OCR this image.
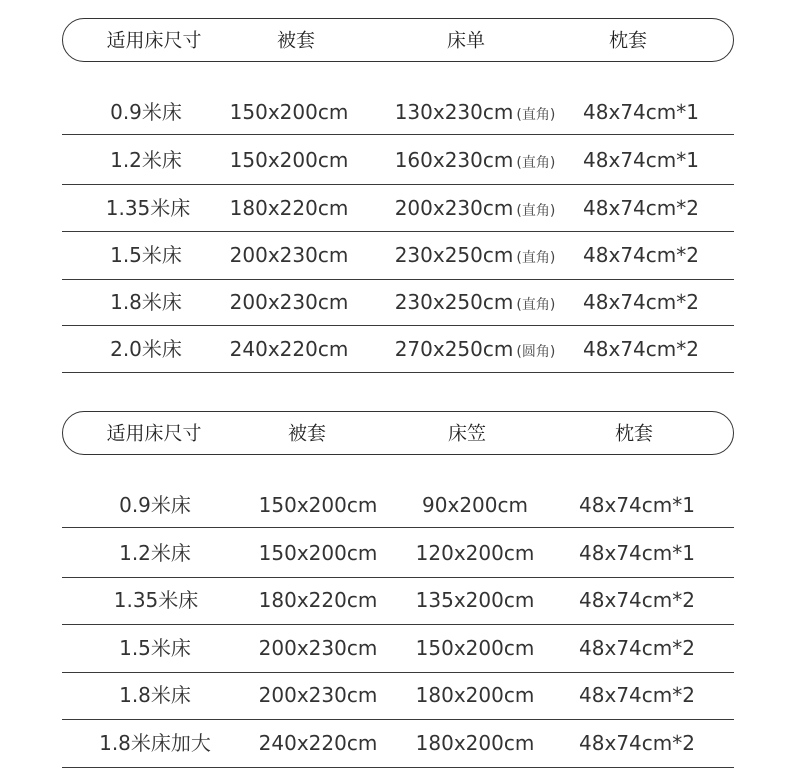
适用床尺寸	被套	床单	枕套
0.9米床 150x200cm 130x230cm (直角) 48x74cm*1
1.2米床 150x200cm 160x230cm (直角) 48x74cm*1
1.35米床 180x220cm 200x230cm (直角) 48x74cm*2
1.5米床 200x230cm 230x250cm (直角) 48x74cm*2
1.8米床 200x230cm 230x250cm (直角) 48x74cm*2
2.0米床 240x220cm 270x250cm (圆角) 48x74cm*2
适用床尺寸	被套	床笠	枕套
0.9米床	150x200cm 90x200cm	48x74cm*1
1.2米床	150x200cm 120x200cm 48x74cm*1
1.35米床	180x220cm 135x200cm 48x74cm*2
1.5米床	200x230cm 150x200cm 48x74cm*2
1.8米床	200x230cm 180x200cm 48x74cm*2
1.8米床加大 240x220cm 180x200cm 48x74cm*2
